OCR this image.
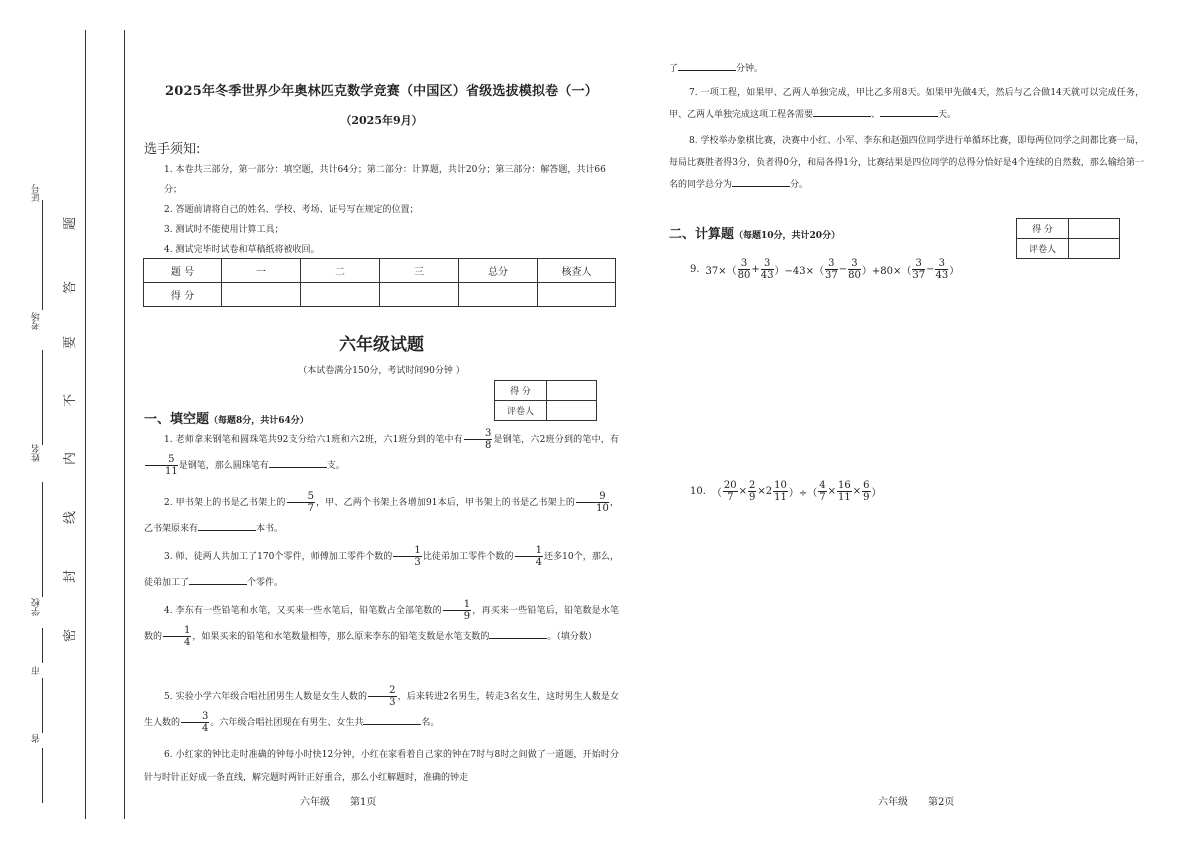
证号
考场
姓名
学校
市
省
题
答
要
不
内
线
封
密
2025年冬季世界少年奥林匹克数学竞赛（中国区）省级选拔模拟卷（一）
（2025年9月）
选手须知:
1. 本卷共三部分，第一部分：填空题，共计64分；第二部分：计算题，共计20分；第三部分：解答题，共计66分；
2. 答题前请将自己的姓名、学校、考场、证号写在规定的位置；
3. 测试时不能使用计算工具；
4. 测试完毕时试卷和草稿纸将被收回。
题 号	一	二	三	总分	核查人
得 分					
六年级试题
（本试卷满分150分，考试时间90分钟 ）
得 分	
评卷人	
一、填空题（每题8分，共计64分）
1. 老师拿来钢笔和圆珠笔共92支分给六1班和六2班，六1班分到的笔中有 $\frac{3}{8}$ 是钢笔，六2班分到的笔中，有
$\frac{5}{11}$ 是钢笔，那么圆珠笔有	支。
2. 甲书架上的书是乙书架上的 $\frac{5}{7}$ ，甲、乙两个书架上各增加91本后，甲书架上的书是乙书架上的 $\frac{9}{10}$ ，乙书架原来有	本书。
3. 师、徒两人共加工了170个零件，师傅加工零件个数的 $\frac{1}{3}$ 比徒弟加工零件个数的 $\frac{1}{4}$ 还多10个，那么，徒弟加工了	个零件。
4. 李东有一些铅笔和水笔，又买来一些水笔后，铅笔数占全部笔数的 $\frac{1}{9}$ ，再买来一些铅笔后，铅笔数是水笔数的 $\frac{1}{4}$ ，如果买来的铅笔和水笔数量相等，那么原来李东的铅笔支数是水笔支数的	。（填分数）
5. 实验小学六年级合唱社团男生人数是女生人数的 $\frac{2}{3}$ ，后来转进2名男生，转走3名女生，这时男生人数是女生人数的 $\frac{3}{4}$ 。六年级合唱社团现在有男生、女生共	名。
6. 小红家的钟比走时准确的钟每小时快12分钟，小红在家看着自己家的钟在7时与8时之间做了一道题，开始时分针与时针正好成一条直线，解完题时两针正好重合，那么小红解题时，准确的钟走
六年级　　第1页
了	分钟。
7. 一项工程，如果甲、乙两人单独完成，甲比乙多用8天。如果甲先做4天，然后与乙合做14天就可以完成任务，甲、乙两人单独完成这项工程各需要	、	天。
8. 学校举办象棋比赛，决赛中小红、小军、李东和赵强四位同学进行单循环比赛，即每两位同学之间都比赛一局，每局比赛胜者得3分，负者得0分，和局各得1分，比赛结果是四位同学的总得分恰好是4个连续的自然数，那么输给第一名的同学总分为	分。
二、计算题（每题10分，共计20分）
得 分	
评卷人	
9. $37\times( \frac{3}{80} + \frac{3}{43} )-43\times( \frac{3}{37} - \frac{3}{80} )+80\times( \frac{3}{37} - \frac{3}{43}$ ）
10. （ $\frac{20}{7} \times \frac{2}{9} \times 2 \frac{10}{11}$ ）÷（ $\frac{4}{7} \times \frac{16}{11} \times \frac{6}{9}$ ）
六年级　　第2页
